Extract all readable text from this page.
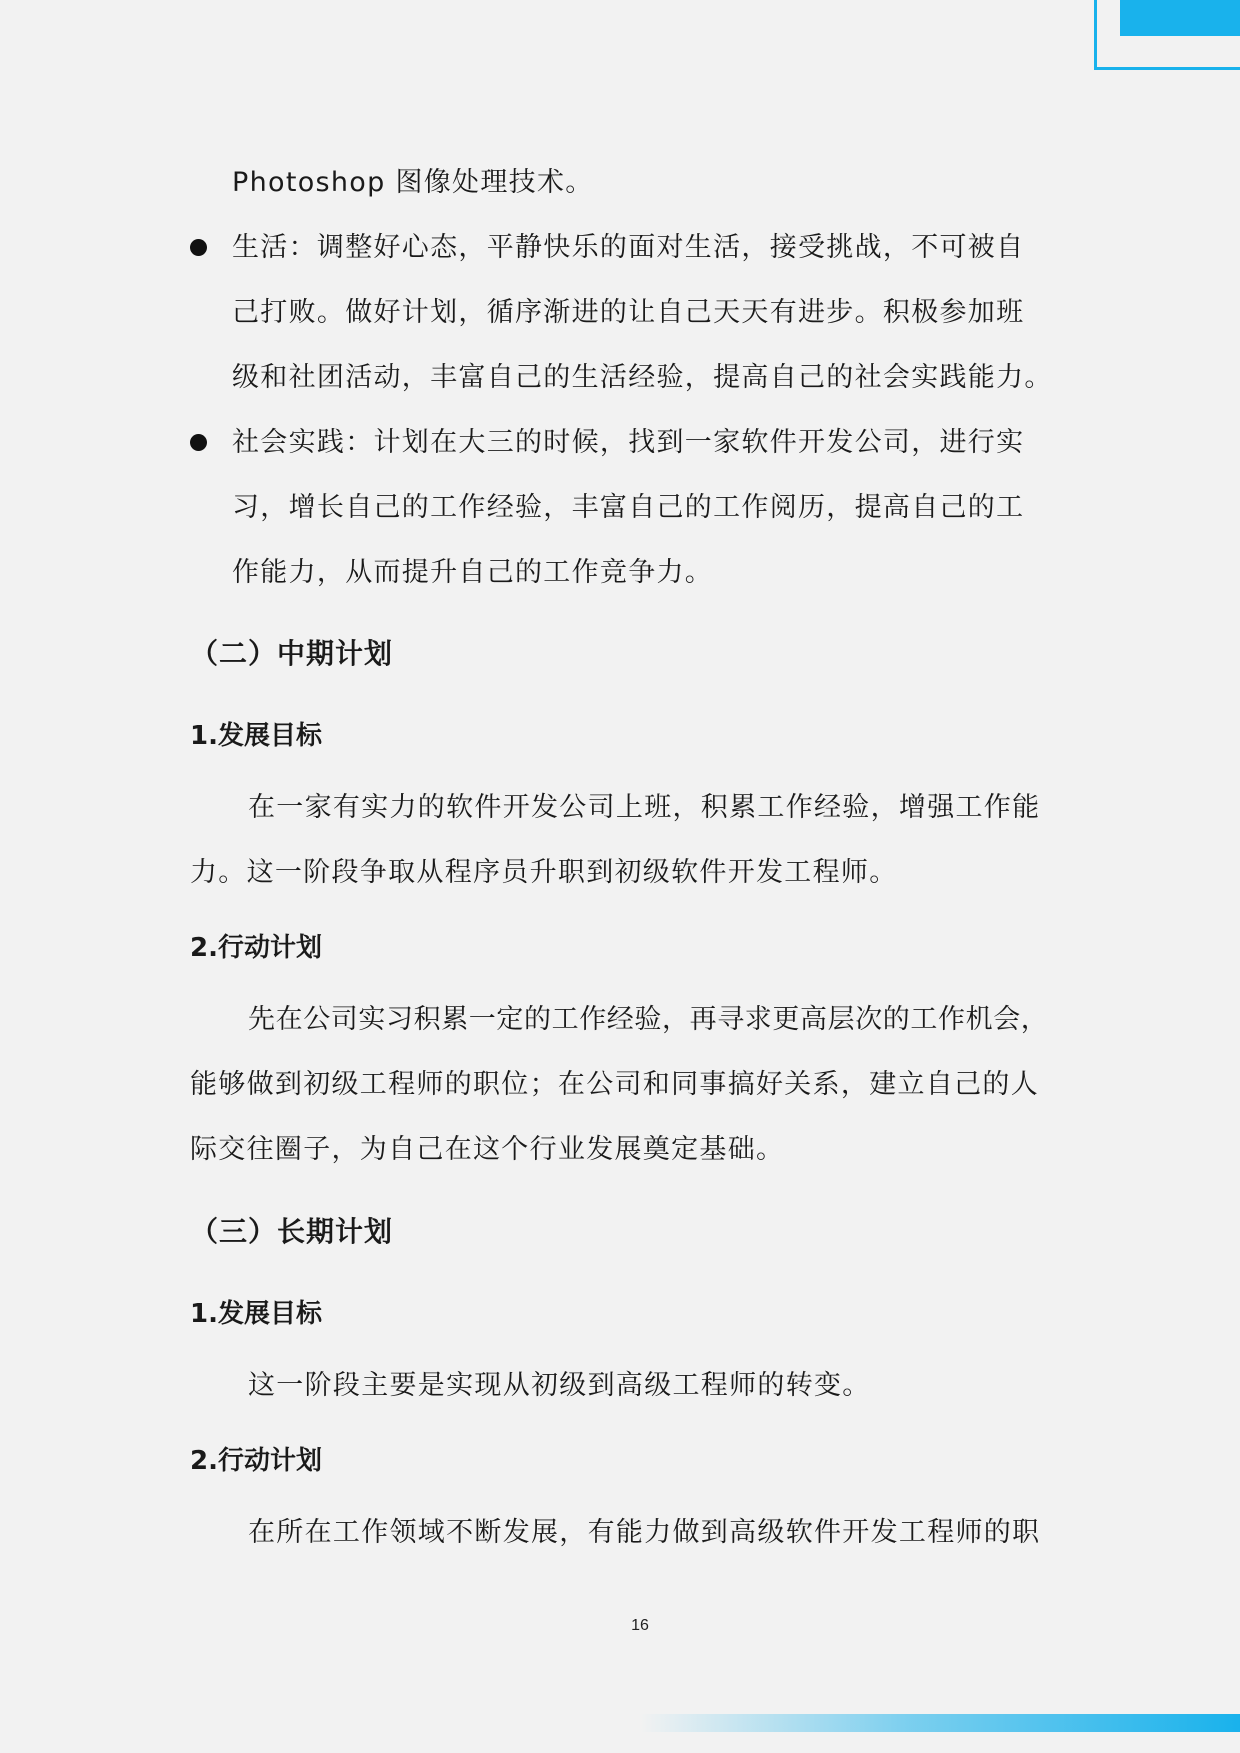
Photoshop 图像处理技术。
生活：调整好心态，平静快乐的面对生活，接受挑战，不可被自
己打败。做好计划，循序渐进的让自己天天有进步。积极参加班
级和社团活动，丰富自己的生活经验，提高自己的社会实践能力。
社会实践：计划在大三的时候，找到一家软件开发公司，进行实
习，增长自己的工作经验，丰富自己的工作阅历，提高自己的工
作能力，从而提升自己的工作竞争力。
（二）中期计划
1.发展目标
在一家有实力的软件开发公司上班，积累工作经验，增强工作能
力。这一阶段争取从程序员升职到初级软件开发工程师。
2.行动计划
先在公司实习积累一定的工作经验，再寻求更高层次的工作机会，
能够做到初级工程师的职位；在公司和同事搞好关系，建立自己的人
际交往圈子，为自己在这个行业发展奠定基础。
（三）长期计划
1.发展目标
这一阶段主要是实现从初级到高级工程师的转变。
2.行动计划
在所在工作领域不断发展，有能力做到高级软件开发工程师的职
16
